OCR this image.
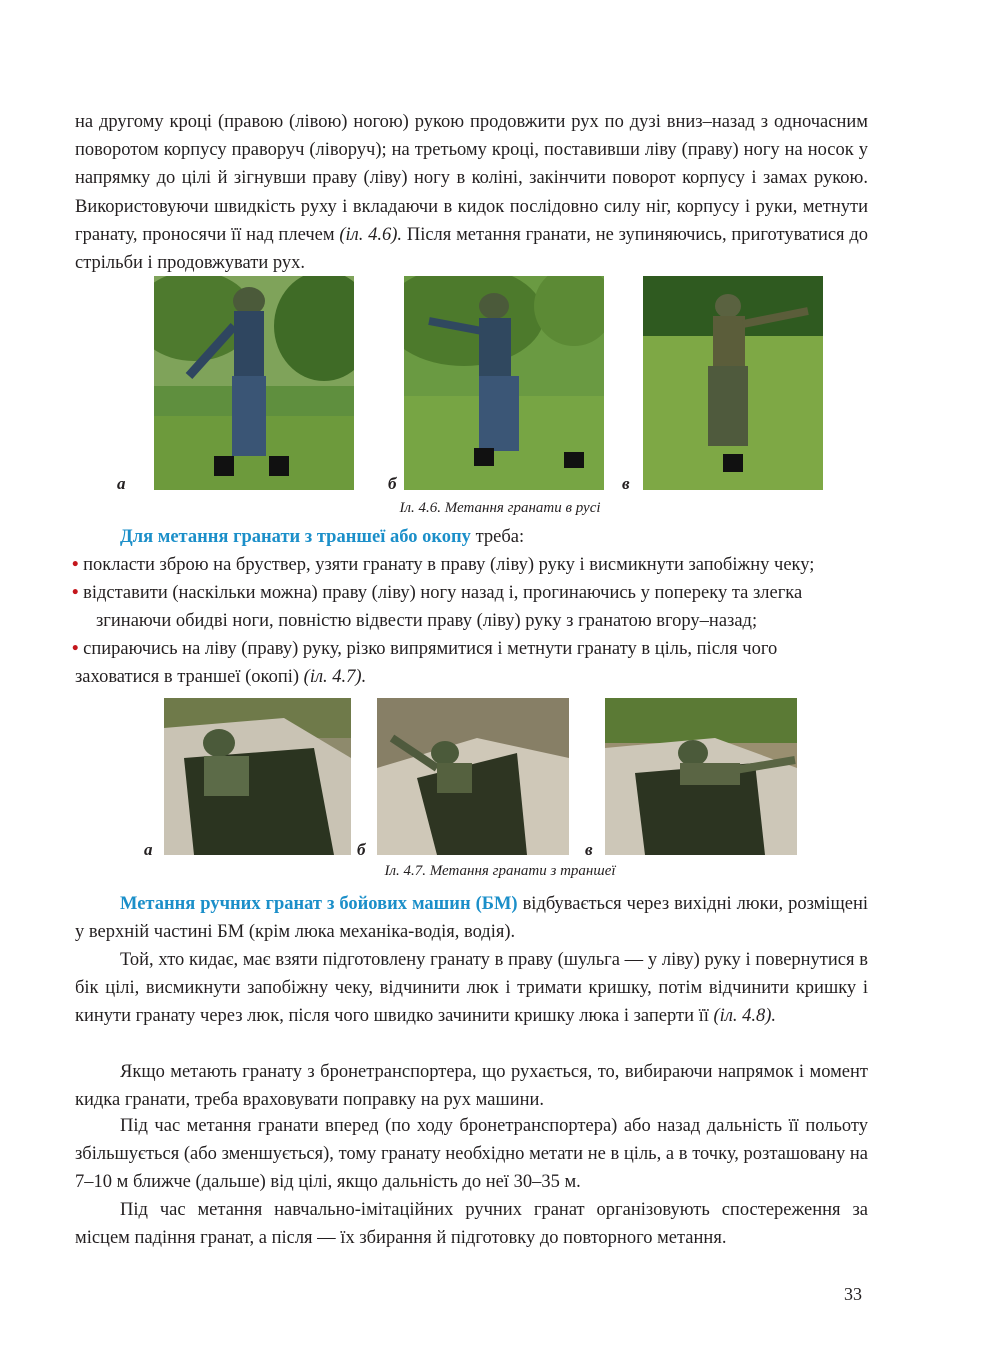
на другому кроці (правою (лівою) ногою) рукою продовжити рух по дузі вниз–назад з одночасним поворотом корпусу праворуч (ліворуч); на третьому кроці, поставивши ліву (праву) ногу на носок у напрямку до цілі й зігнувши праву (ліву) ногу в коліні, закінчити поворот корпусу і замах рукою. Використовуючи швидкість руху і вкладаючи в кидок послідовно силу ніг, корпусу і руки, метнути гранату, проносячи її над плечем (іл. 4.6). Після метання гранати, не зупиняючись, приготуватися до стрільби і продовжувати рух.

а	б	в
Іл. 4.6. Метання гранати в русі

Для метання гранати з траншеї або окопу треба:

• покласти зброю на бруствер, узяти гранату в праву (ліву) руку і висмикнути запобіжну чеку;

• відставити (наскільки можна) праву (ліву) ногу назад і, прогинаючись у попереку та злегка

згинаючи обидві ноги, повністю відвести праву (ліву) руку з гранатою вгору–назад;

• спираючись на ліву (праву) руку, різко випрямитися і метнути гранату в ціль, після чого

заховатися в траншеї (окопі) (іл. 4.7).

а	б	в
Іл. 4.7. Метання гранати з траншеї

Метання ручних гранат з бойових машин (БМ) відбувається через вихідні люки, розміщені у верхній частині БМ (крім люка механіка-водія, водія).

Той, хто кидає, має взяти підготовлену гранату в праву (шульга — у ліву) руку і повернутися в бік цілі, висмикнути запобіжну чеку, відчинити люк і тримати кришку, потім відчинити кришку і кинути гранату через люк, після чого швидко зачинити кришку люка і заперти її (іл. 4.8).

Якщо метають гранату з бронетранспортера, що рухається, то, вибираючи напрямок і момент кидка гранати, треба враховувати поправку на рух машини.

Під час метання гранати вперед (по ходу бронетранспортера) або назад дальність її польоту збільшується (або зменшується), тому гранату необхідно метати не в ціль, а в точку, розташовану на 7–10 м ближче (дальше) від цілі, якщо дальність до неї 30–35 м.

Під час метання навчально-імітаційних ручних гранат організовують спостереження за місцем падіння гранат, а після — їх збирання й підготовку до повторного метання.

33
